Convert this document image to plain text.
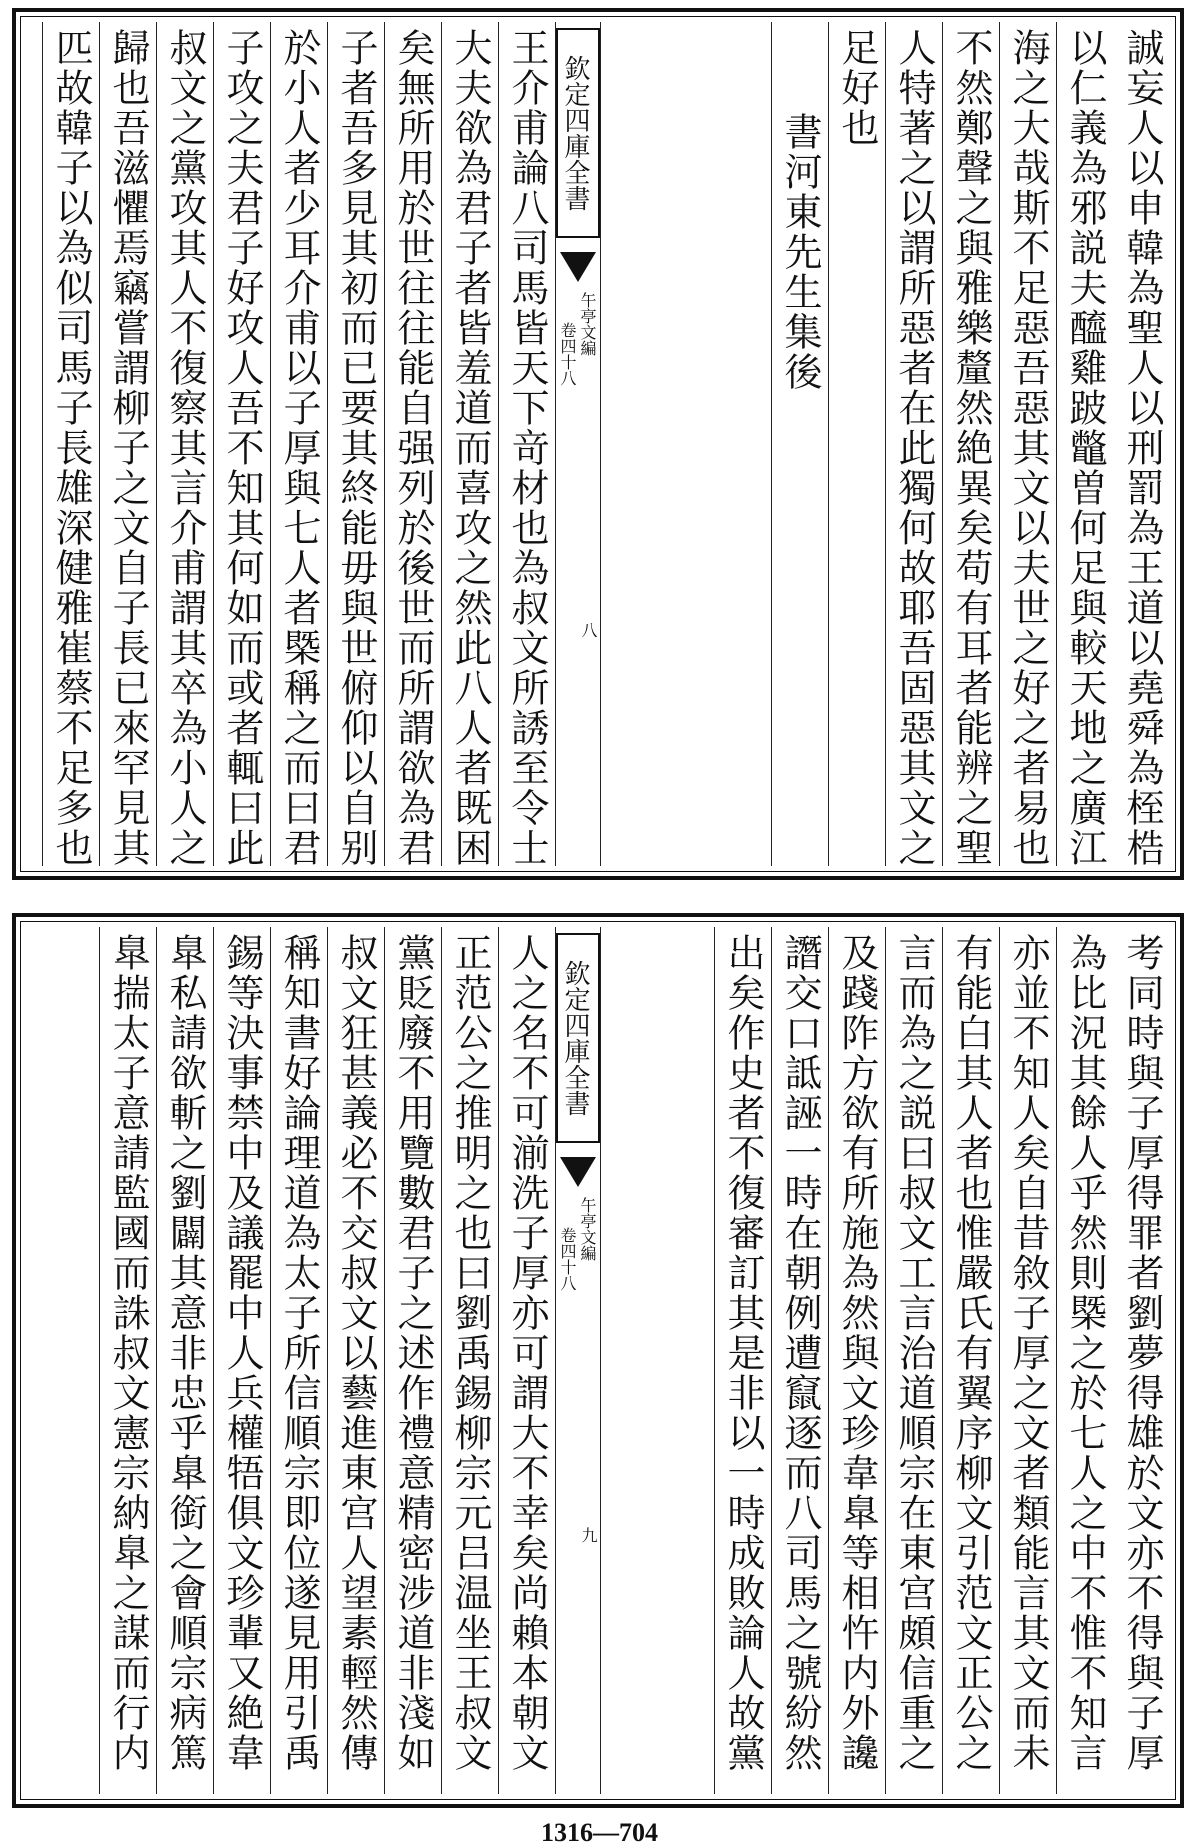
欽定四庫全書
午亭文編
卷四十八
八	誠妄人以申韓為聖人以刑罰為王道以堯舜為桎梏
以仁義為邪説夫醯雞跛鼈曽何足與較天地之廣江
海之大哉斯不足惡吾惡其文以夫世之好之者易也
不然鄭聲之與雅樂釐然絶異矣苟有耳者能辨之聖
人特著之以謂所惡者在此獨何故耶吾固惡其文之
足好也
書河東先生集後
王介甫論八司馬皆天下竒材也為叔文所誘至令士
大夫欲為君子者皆羞道而喜攻之然此八人者既困
矣無所用於世往往能自强列於後世而所謂欲為君
子者吾多見其初而已要其終能毋與世俯仰以自别
於小人者少耳介甫以子厚與七人者槩稱之而曰君
子攻之夫君子好攻人吾不知其何如而或者輒曰此
叔文之黨攻其人不復察其言介甫謂其卒為小人之
歸也吾滋懼焉竊嘗謂柳子之文自子長已來罕見其
匹故韓子以為似司馬子長雄深健雅崔蔡不足多也
欽定四庫全書
午亭文編
卷四十八
九	考同時與子厚得罪者劉夢得雄於文亦不得與子厚
為比況其餘人乎然則槩之於七人之中不惟不知言
亦並不知人矣自昔敘子厚之文者類能言其文而未
有能白其人者也惟嚴氏有翼序柳文引范文正公之
言而為之説曰叔文工言治道順宗在東宫頗信重之
及踐阼方欲有所施為然與文珍韋臯等相忤内外讒
譖交口詆誣一時在朝例遭竄逐而八司馬之號紛然
出矣作史者不復審訂其是非以一時成敗論人故黨
人之名不可湔洗子厚亦可謂大不幸矣尚賴本朝文
正范公之推明之也曰劉禹錫柳宗元吕温坐王叔文
黨貶廢不用覽數君子之述作禮意精密涉道非淺如
叔文狂甚義必不交叔文以藝進東宫人望素輕然傳
稱知書好論理道為太子所信順宗即位遂見用引禹
錫等決事禁中及議罷中人兵權牾俱文珍輩又絶韋
臯私請欲斬之劉闢其意非忠乎臯銜之會順宗病篤
臯揣太子意請監國而誅叔文憲宗納臯之謀而行内
1316—704
